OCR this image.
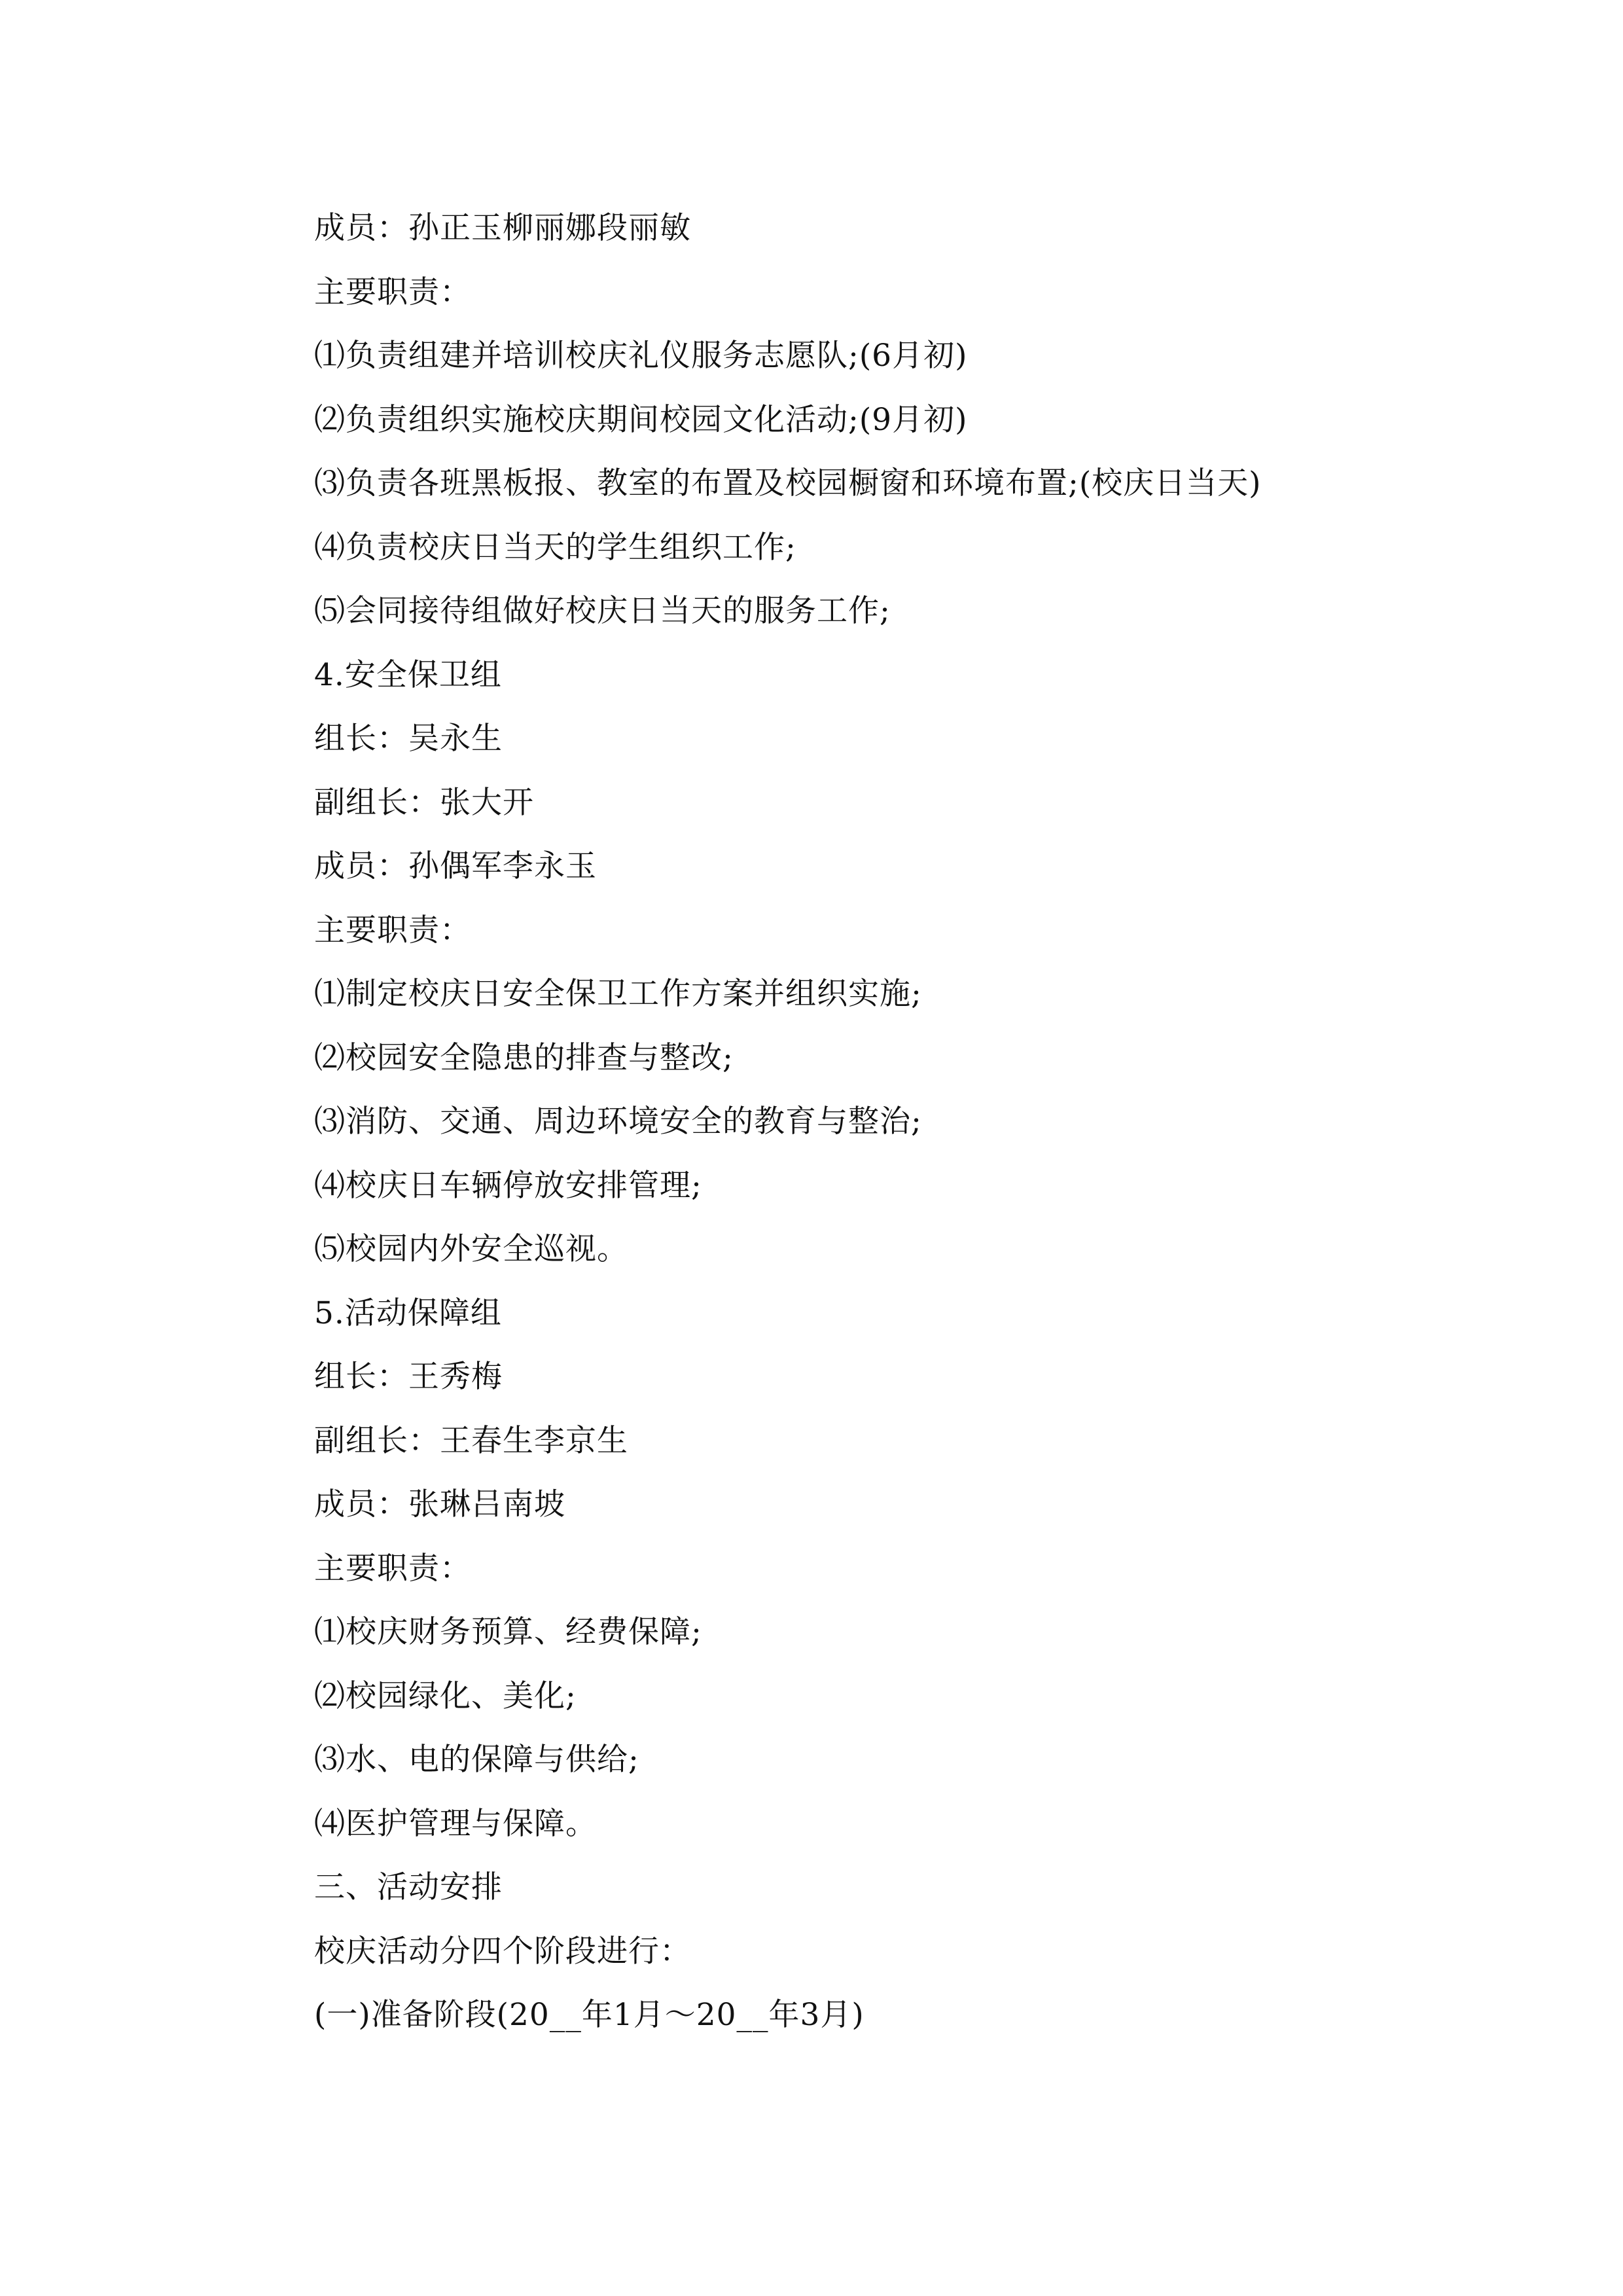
成员：孙正玉柳丽娜段丽敏
主要职责：
⑴负责组建并培训校庆礼仪服务志愿队;(6月初)
⑵负责组织实施校庆期间校园文化活动;(9月初)
⑶负责各班黑板报、教室的布置及校园橱窗和环境布置;(校庆日当天)
⑷负责校庆日当天的学生组织工作;
⑸会同接待组做好校庆日当天的服务工作;
4.安全保卫组
组长：吴永生
副组长：张大开
成员：孙偶军李永玉
主要职责：
⑴制定校庆日安全保卫工作方案并组织实施;
⑵校园安全隐患的排查与整改;
⑶消防、交通、周边环境安全的教育与整治;
⑷校庆日车辆停放安排管理;
⑸校园内外安全巡视。
5.活动保障组
组长：王秀梅
副组长：王春生李京生
成员：张琳吕南坡
主要职责：
⑴校庆财务预算、经费保障;
⑵校园绿化、美化;
⑶水、电的保障与供给;
⑷医护管理与保障。
三、活动安排
校庆活动分四个阶段进行：
(一)准备阶段(20__年1月～20__年3月)
